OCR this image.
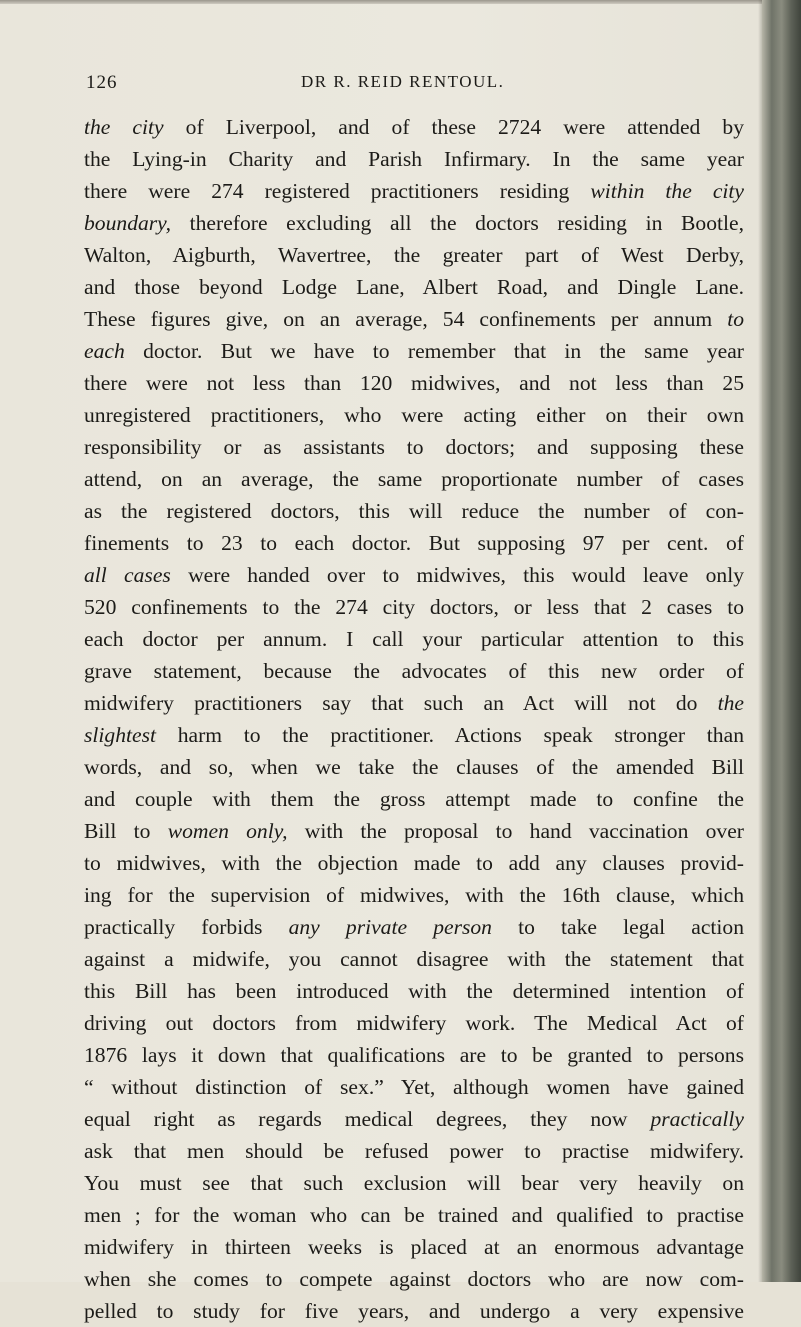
126	DR R. REID RENTOUL.
the city of Liverpool, and of these 2724 were attended by
the Lying-in Charity and Parish Infirmary. In the same year
there were 274 registered practitioners residing within the city
boundary, therefore excluding all the doctors residing in Bootle,
Walton, Aigburth, Wavertree, the greater part of West Derby,
and those beyond Lodge Lane, Albert Road, and Dingle Lane.
These figures give, on an average, 54 confinements per annum to
each doctor. But we have to remember that in the same year
there were not less than 120 midwives, and not less than 25
unregistered practitioners, who were acting either on their own
responsibility or as assistants to doctors; and supposing these
attend, on an average, the same proportionate number of cases
as the registered doctors, this will reduce the number of con-
finements to 23 to each doctor. But supposing 97 per cent. of
all cases were handed over to midwives, this would leave only
520 confinements to the 274 city doctors, or less that 2 cases to
each doctor per annum. I call your particular attention to this
grave statement, because the advocates of this new order of
midwifery practitioners say that such an Act will not do the
slightest harm to the practitioner. Actions speak stronger than
words, and so, when we take the clauses of the amended Bill
and couple with them the gross attempt made to confine the
Bill to women only, with the proposal to hand vaccination over
to midwives, with the objection made to add any clauses provid-
ing for the supervision of midwives, with the 16th clause, which
practically forbids any private person to take legal action
against a midwife, you cannot disagree with the statement that
this Bill has been introduced with the determined intention of
driving out doctors from midwifery work. The Medical Act of
1876 lays it down that qualifications are to be granted to persons
“ without distinction of sex.” Yet, although women have gained
equal right as regards medical degrees, they now practically
ask that men should be refused power to practise midwifery.
You must see that such exclusion will bear very heavily on
men ; for the woman who can be trained and qualified to practise
midwifery in thirteen weeks is placed at an enormous advantage
when she comes to compete against doctors who are now com-
pelled to study for five years, and undergo a very expensive
